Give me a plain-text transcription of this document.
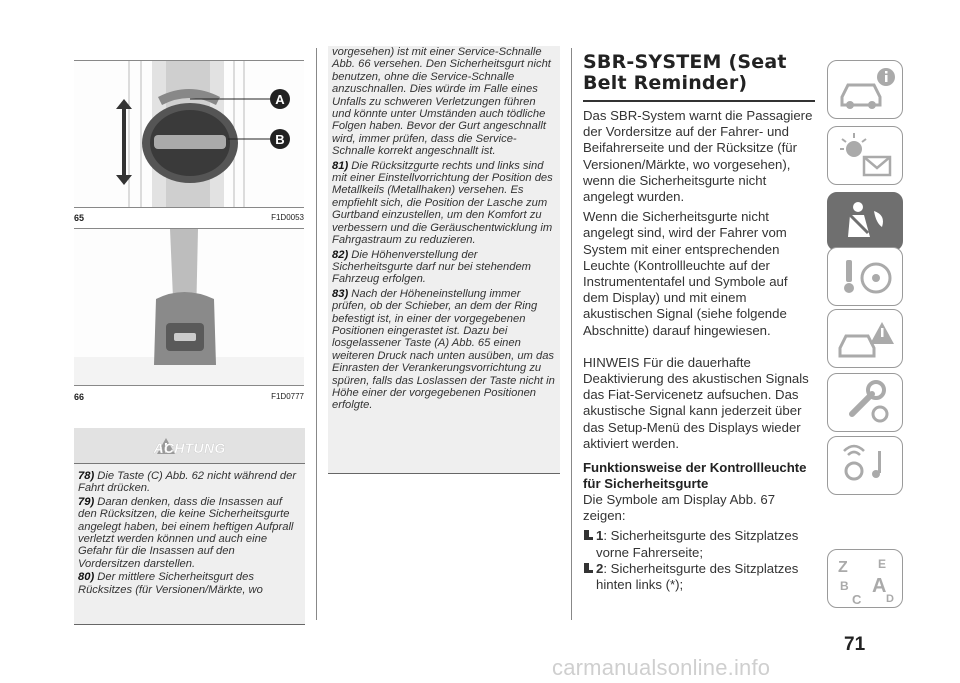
A
B
65	F1D0053
66	F1D0777
ACHTUNG

78) Die Taste (C) Abb. 62 nicht während der Fahrt drücken.

79) Daran denken, dass die Insassen auf den Rücksitzen, die keine Sicherheitsgurte angelegt haben, bei einem heftigen Aufprall verletzt werden können und auch eine Gefahr für die Insassen auf den Vordersitzen darstellen.

80) Der mittlere Sicherheitsgurt des Rücksitzes (für Versionen/Märkte, wo

vorgesehen) ist mit einer Service-Schnalle Abb. 66 versehen. Den Sicherheitsgurt nicht benutzen, ohne die Service-Schnalle anzuschnallen. Dies würde im Falle eines Unfalls zu schweren Verletzungen führen und könnte unter Umständen auch tödliche Folgen haben. Bevor der Gurt angeschnallt wird, immer prüfen, dass die Service-Schnalle korrekt angeschnallt ist.

81) Die Rücksitzgurte rechts und links sind mit einer Einstellvorrichtung der Position des Metallkeils (Metallhaken) versehen. Es empfiehlt sich, die Position der Lasche zum Gurtband einzustellen, um den Komfort zu verbessern und die Geräuschentwicklung im Fahrgastraum zu reduzieren.

82) Die Höhenverstellung der Sicherheitsgurte darf nur bei stehendem Fahrzeug erfolgen.

83) Nach der Höheneinstellung immer prüfen, ob der Schieber, an dem der Ring befestigt ist, in einer der vorgegebenen Positionen eingerastet ist. Dazu bei losgelassener Taste (A) Abb. 65 einen weiteren Druck nach unten ausüben, um das Einrasten der Verankerungsvorrichtung zu spüren, falls das Loslassen der Taste nicht in Höhe einer der vorgegebenen Positionen erfolgte.

SBR-SYSTEM (Seat
Belt Reminder)

Das SBR-System warnt die Passagiere der Vordersitze auf der Fahrer- und Beifahrerseite und der Rücksitze (für Versionen/Märkte, wo vorgesehen), wenn die Sicherheitsgurte nicht angelegt wurden.

Wenn die Sicherheitsgurte nicht angelegt sind, wird der Fahrer vom System mit einer entsprechenden Leuchte (Kontrollleuchte auf der Instrumententafel und Symbole auf dem Display) und mit einem akustischen Signal (siehe folgende Abschnitte) darauf hingewiesen.

HINWEIS Für die dauerhafte Deaktivierung des akustischen Signals das Fiat-Servicenetz aufsuchen. Das akustische Signal kann jederzeit über das Setup-Menü des Displays wieder aktiviert werden.

Funktionsweise der Kontrollleuchte für Sicherheitsgurte

Die Symbole am Display Abb. 67 zeigen:

1: Sicherheitsgurte des Sitzplatzes vorne Fahrerseite;
2: Sicherheitsgurte des Sitzplatzes hinten links (*);
Z	E
B A
C D
71
carmanualsonline.info
